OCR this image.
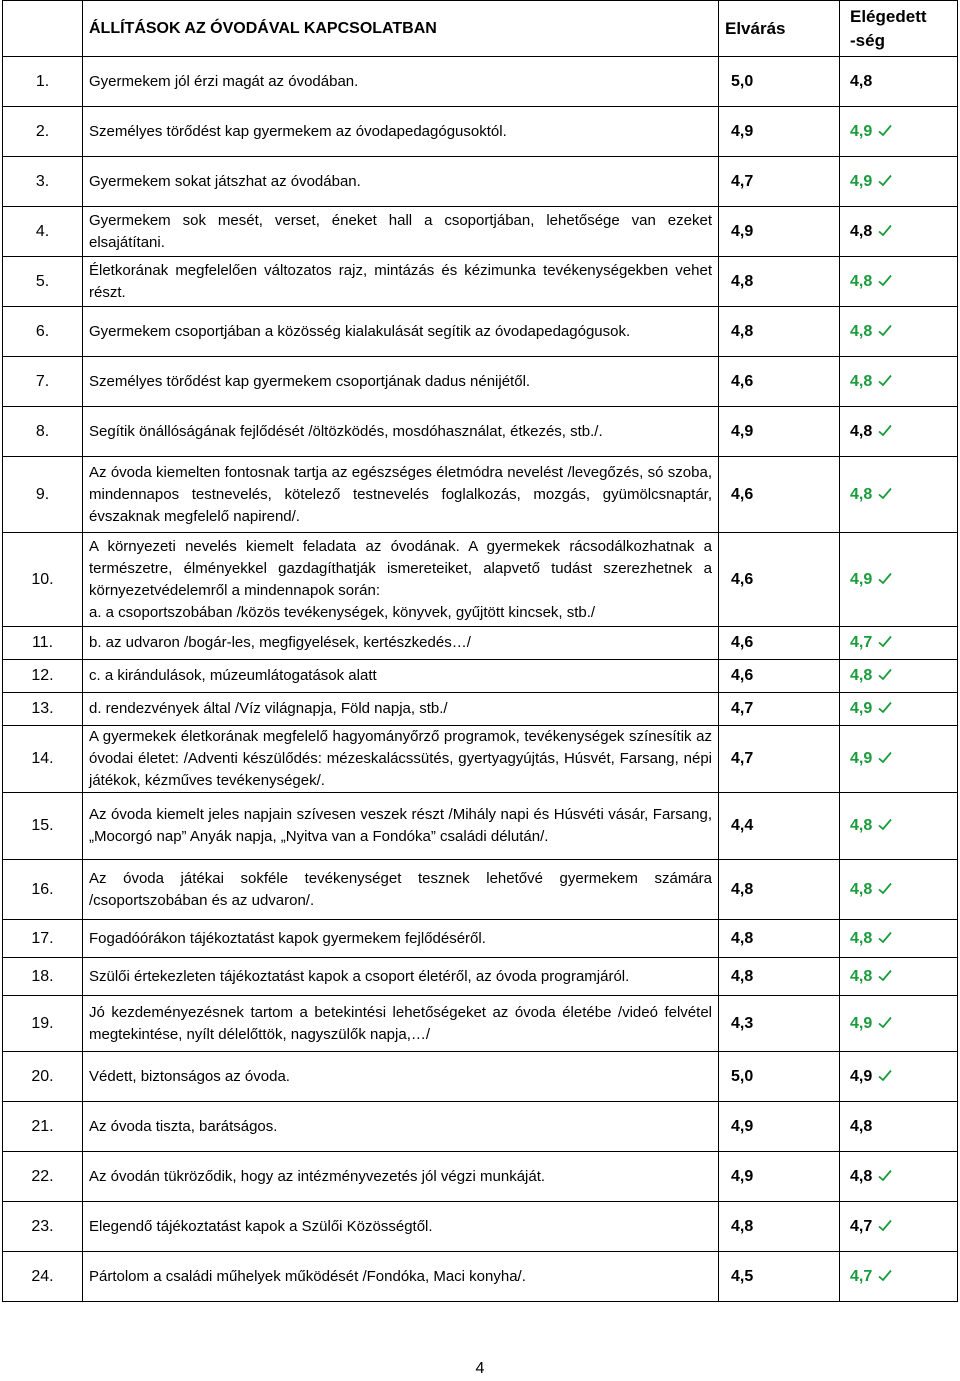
	ÁLLÍTÁSOK AZ ÓVODÁVAL KAPCSOLATBAN	Elvárás	Elégedett
-ség
1.	Gyermekem jól érzi magát az óvodában.	5,0	4,8
2.	Személyes törődést kap gyermekem az óvodapedagógusoktól.	4,9	4,9

3.	Gyermekem sokat játszhat az óvodában.	4,7	4,9

4.	Gyermekem sok mesét, verset, éneket hall a csoportjában, lehetősége van ezeket elsajátítani.	4,9	4,8

5.	Életkorának megfelelően változatos rajz, mintázás és kézimunka tevékenységekben vehet részt.	4,8	4,8

6.	Gyermekem csoportjában a közösség kialakulását segítik az óvodapedagógusok.	4,8	4,8

7.	Személyes törődést kap gyermekem csoportjának dadus nénijétől.	4,6	4,8

8.	Segítik önállóságának fejlődését /öltözködés, mosdóhasználat, étkezés, stb./.	4,9	4,8

9.	Az óvoda kiemelten fontosnak tartja az egészséges életmódra nevelést /levegőzés, só szoba, mindennapos testnevelés, kötelező testnevelés foglalkozás, mozgás, gyümölcsnaptár, évszaknak megfelelő napirend/.	4,6	4,8

10.	A környezeti nevelés kiemelt feladata az óvodának. A gyermekek rácsodálkozhatnak a természetre, élményekkel gazdagíthatják ismereteiket, alapvető tudást szerezhetnek a környezetvédelemről a mindennapok során:
a. a csoportszobában /közös tevékenységek, könyvek, gyűjtött kincsek, stb./	4,6	4,9

11.	b. az udvaron /bogár-les, megfigyelések, kertészkedés…/	4,6	4,7

12.	c. a kirándulások, múzeumlátogatások alatt	4,6	4,8

13.	d. rendezvények által /Víz világnapja, Föld napja, stb./	4,7	4,9

14.	A gyermekek életkorának megfelelő hagyományőrző programok, tevékenységek színesítik az óvodai életet: /Adventi készülődés: mézeskalácssütés, gyertyagyújtás, Húsvét, Farsang, népi játékok, kézműves tevékenységek/.	4,7	4,9

15.	Az óvoda kiemelt jeles napjain szívesen veszek részt /Mihály napi és Húsvéti vásár, Farsang, „Mocorgó nap” Anyák napja, „Nyitva van a Fondóka” családi délután/.	4,4	4,8

16.	Az óvoda játékai sokféle tevékenységet tesznek lehetővé gyermekem számára /csoportszobában és az udvaron/.	4,8	4,8

17.	Fogadóórákon tájékoztatást kapok gyermekem fejlődéséről.	4,8	4,8

18.	Szülői értekezleten tájékoztatást kapok a csoport életéről, az óvoda programjáról.	4,8	4,8

19.	Jó kezdeményezésnek tartom a betekintési lehetőségeket az óvoda életébe /videó felvétel megtekintése, nyílt délelőttök, nagyszülők napja,…/	4,3	4,9

20.	Védett, biztonságos az óvoda.	5,0	4,9

21.	Az óvoda tiszta, barátságos.	4,9	4,8
22.	Az óvodán tükröződik, hogy az intézményvezetés jól végzi munkáját.	4,9	4,8

23.	Elegendő tájékoztatást kapok a Szülői Közösségtől.	4,8	4,7

24.	Pártolom a családi műhelyek működését /Fondóka, Maci konyha/.	4,5	4,7
4
